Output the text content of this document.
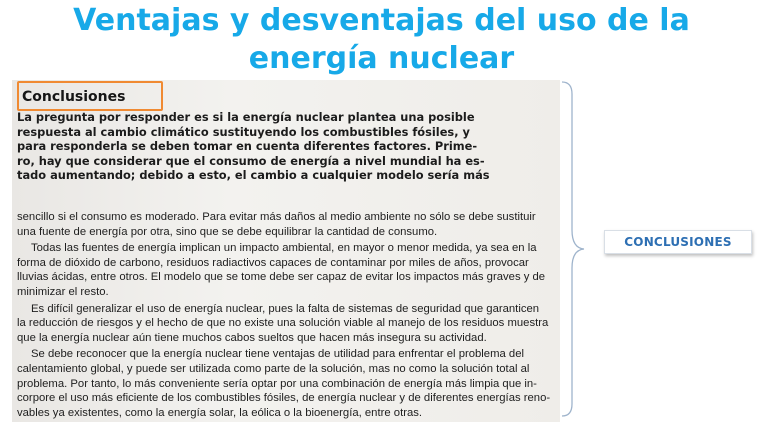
Ventajas y desventajas del uso de la
energía nuclear
Conclusiones
La pregunta por responder es si la energía nuclear plantea una posible
respuesta al cambio climático sustituyendo los combustibles fósiles, y
para responderla se deben tomar en cuenta diferentes factores. Prime-
ro, hay que considerar que el consumo de energía a nivel mundial ha es-
tado aumentando; debido a esto, el cambio a cualquier modelo sería más

sencillo si el consumo es moderado. Para evitar más daños al medio ambiente no sólo se debe sustituir
una fuente de energía por otra, sino que se debe equilibrar la cantidad de consumo.

Todas las fuentes de energía implican un impacto ambiental, en mayor o menor medida, ya sea en la
forma de dióxido de carbono, residuos radiactivos capaces de contaminar por miles de años, provocar
lluvias ácidas, entre otros. El modelo que se tome debe ser capaz de evitar los impactos más graves y de
minimizar el resto.

Es difícil generalizar el uso de energía nuclear, pues la falta de sistemas de seguridad que garanticen
la reducción de riesgos y el hecho de que no existe una solución viable al manejo de los residuos muestra
que la energía nuclear aún tiene muchos cabos sueltos que hacen más insegura su actividad.

Se debe reconocer que la energía nuclear tiene ventajas de utilidad para enfrentar el problema del
calentamiento global, y puede ser utilizada como parte de la solución, mas no como la solución total al
problema. Por tanto, lo más conveniente sería optar por una combinación de energía más limpia que in-
corpore el uso más eficiente de los combustibles fósiles, de energía nuclear y de diferentes energías reno-
vables ya existentes, como la energía solar, la eólica o la bioenergía, entre otras.

CONCLUSIONES
